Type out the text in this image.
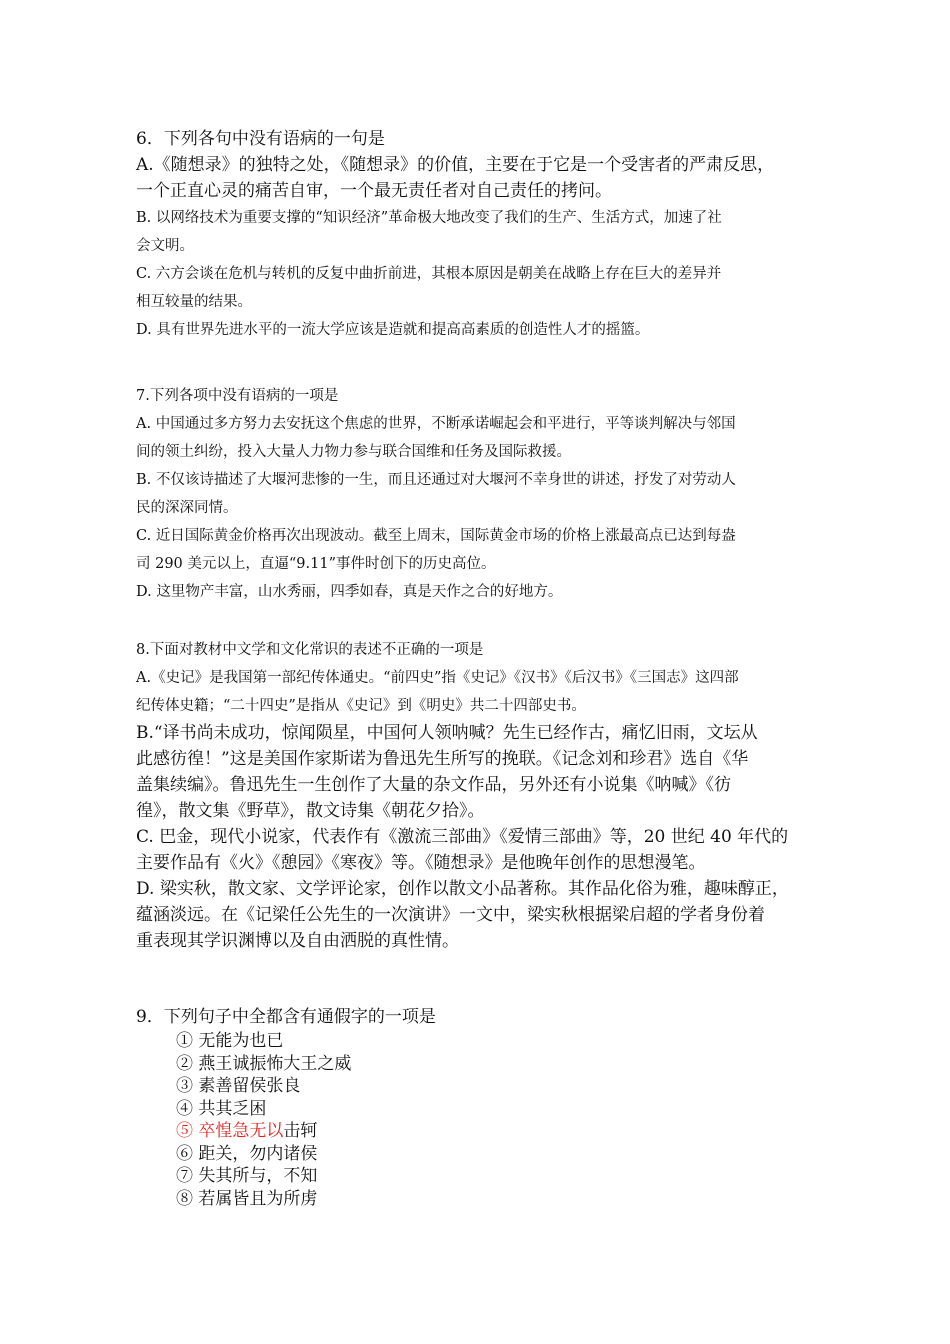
6．下列各句中没有语病的一句是
A.《随想录》的独特之处，《随想录》的价值，主要在于它是一个受害者的严肃反思，
一个正直心灵的痛苦自审，一个最无责任者对自己责任的拷问。
B. 以网络技术为重要支撑的“知识经济”革命极大地改变了我们的生产、生活方式，加速了社
会文明。
C. 六方会谈在危机与转机的反复中曲折前进，其根本原因是朝美在战略上存在巨大的差异并
相互较量的结果。
D. 具有世界先进水平的一流大学应该是造就和提高高素质的创造性人才的摇篮。
7.下列各项中没有语病的一项是
A. 中国通过多方努力去安抚这个焦虑的世界，不断承诺崛起会和平进行，平等谈判解决与邻国
间的领土纠纷，投入大量人力物力参与联合国维和任务及国际救援。
B. 不仅该诗描述了大堰河悲惨的一生，而且还通过对大堰河不幸身世的讲述，抒发了对劳动人
民的深深同情。
C. 近日国际黄金价格再次出现波动。截至上周末，国际黄金市场的价格上涨最高点已达到每盎
司 290 美元以上，直逼“9.11”事件时创下的历史高位。
D. 这里物产丰富，山水秀丽，四季如春，真是天作之合的好地方。
8.下面对教材中文学和文化常识的表述不正确的一项是
A.《史记》是我国第一部纪传体通史。“前四史”指《史记》《汉书》《后汉书》《三国志》这四部
纪传体史籍；“二十四史”是指从《史记》到《明史》共二十四部史书。
B.“译书尚未成功，惊闻陨星，中国何人领呐喊？先生已经作古，痛忆旧雨，文坛从
此感彷徨！”这是美国作家斯诺为鲁迅先生所写的挽联。《记念刘和珍君》选自《华
盖集续编》。鲁迅先生一生创作了大量的杂文作品，另外还有小说集《呐喊》《彷
徨》，散文集《野草》，散文诗集《朝花夕拾》。
C. 巴金，现代小说家，代表作有《激流三部曲》《爱情三部曲》等，20 世纪 40 年代的
主要作品有《火》《憩园》《寒夜》等。《随想录》是他晚年创作的思想漫笔。
D. 梁实秋，散文家、文学评论家，创作以散文小品著称。其作品化俗为雅，趣味醇正，
蕴涵淡远。在《记梁任公先生的一次演讲》一文中，梁实秋根据梁启超的学者身份着
重表现其学识渊博以及自由洒脱的真性情。
9．下列句子中全都含有通假字的一项是
① 无能为也已
② 燕王诚振怖大王之威
③ 素善留侯张良
④ 共其乏困
⑤ 卒惶急无以击轲
⑥ 距关，勿内诸侯
⑦ 失其所与，不知
⑧ 若属皆且为所虏
